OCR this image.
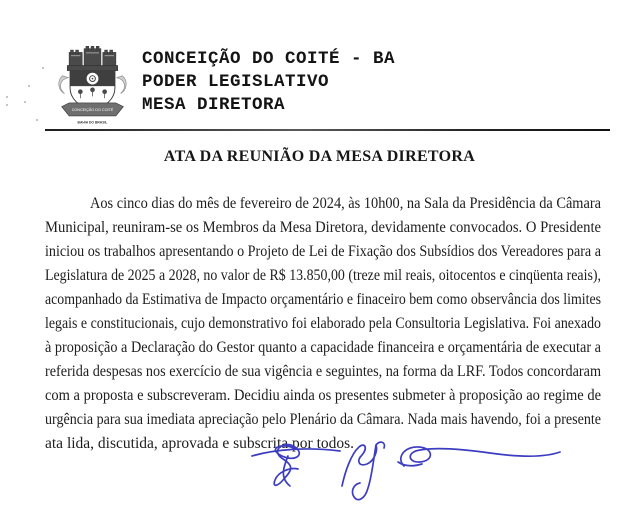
CONCEIÇÃO DO COITÉ
BAHIA DO BRASIL
CONCEIÇÃO DO COITÉ - BA
PODER LEGISLATIVO
MESA DIRETORA
ATA DA REUNIÃO DA MESA DIRETORA
Aos cinco dias do mês de fevereiro de 2024, às 10h00, na Sala da Presidência da Câmara
Municipal, reuniram-se os Membros da Mesa Diretora, devidamente convocados. O Presidente
iniciou os trabalhos apresentando o Projeto de Lei de Fixação dos Subsídios dos Vereadores para a
Legislatura de 2025 a 2028, no valor de R$ 13.850,00 (treze mil reais, oitocentos e cinqüenta reais),
acompanhado da Estimativa de Impacto orçamentário e finaceiro bem como observância dos limites
legais e constitucionais, cujo demonstrativo foi elaborado pela Consultoria Legislativa. Foi anexado
à proposição a Declaração do Gestor quanto a capacidade financeira e orçamentária de executar a
referida despesas nos exercício de sua vigência e seguintes, na forma da LRF. Todos concordaram
com a proposta e subscreveram. Decidiu ainda os presentes submeter à proposição ao regime de
urgência para sua imediata apreciação pelo Plenário da Câmara. Nada mais havendo, foi a presente
ata lida, discutida, aprovada e subscrita por todos.
